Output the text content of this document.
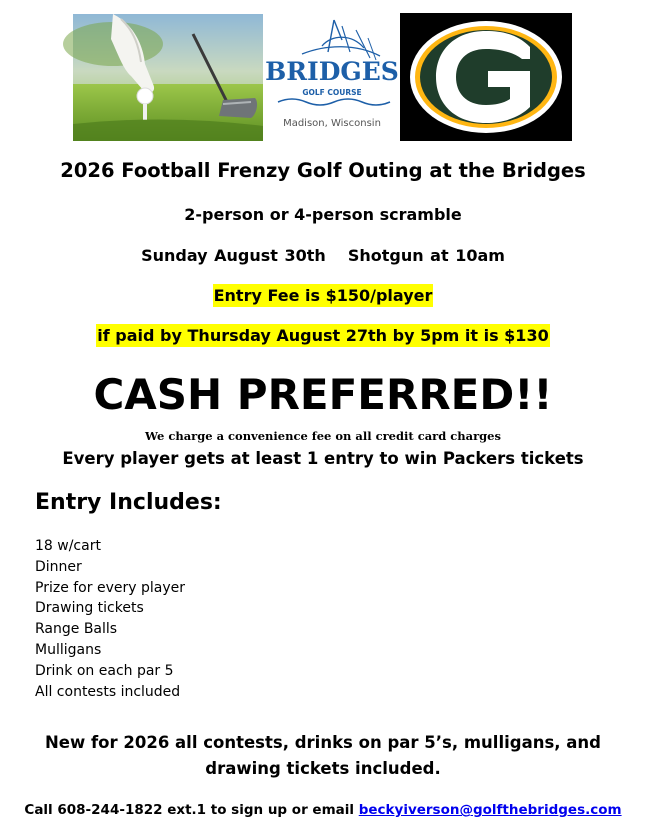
BRIDGES
GOLF COURSE
Madison, Wisconsin
2026 Football Frenzy Golf Outing at the Bridges
2-person or 4-person scramble
Sunday August 30th Shotgun at 10am
Entry Fee is $150/player
if paid by Thursday August 27th by 5pm it is $130
CASH PREFERRED!!
We charge a convenience fee on all credit card charges
Every player gets at least 1 entry to win Packers tickets
Entry Includes:
18 w/cart
Dinner
Prize for every player
Drawing tickets
Range Balls
Mulligans
Drink on each par 5
All contests included
New for 2026 all contests, drinks on par 5’s, mulligans, and
drawing tickets included.
Call 608-244-1822 ext.1 to sign up or email beckyiverson@golfthebridges.com
